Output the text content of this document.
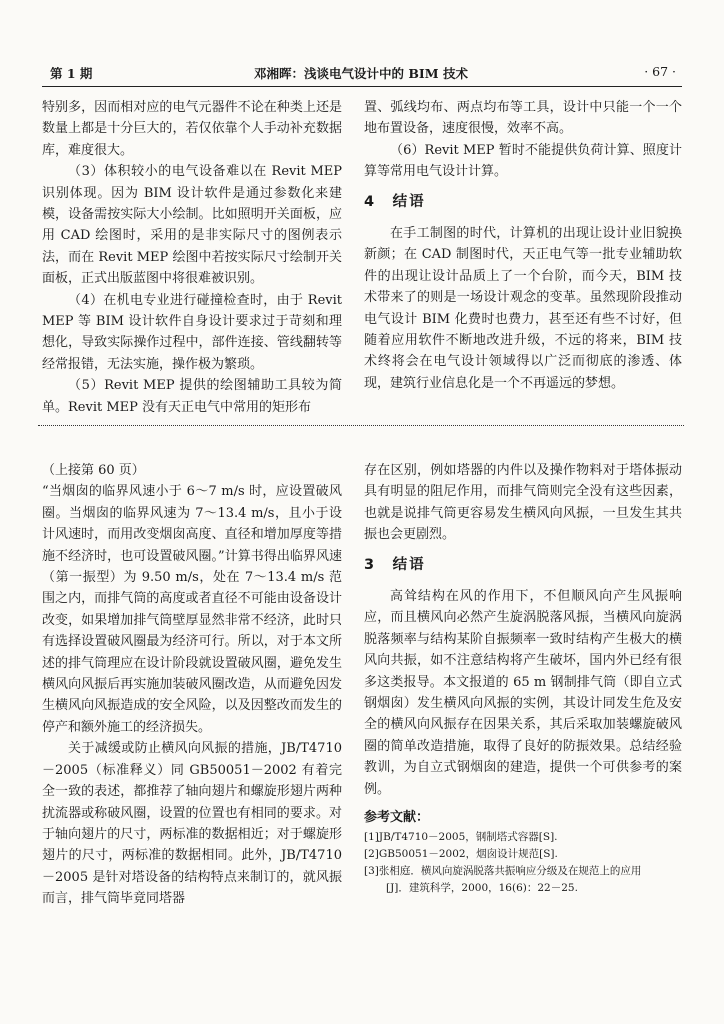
第 1 期	邓湘晖：浅谈电气设计中的 BIM 技术	· 67 ·

特别多，因而相对应的电气元器件不论在种类上还是数量上都是十分巨大的，若仅依靠个人手动补充数据库，难度很大。

（3）体积较小的电气设备难以在 Revit MEP 识别体现。因为 BIM 设计软件是通过参数化来建模，设备需按实际大小绘制。比如照明开关面板，应用 CAD 绘图时，采用的是非实际尺寸的图例表示法，而在 Revit MEP 绘图中若按实际尺寸绘制开关面板，正式出版蓝图中将很难被识别。

（4）在机电专业进行碰撞检查时，由于 Revit MEP 等 BIM 设计软件自身设计要求过于苛刻和理想化，导致实际操作过程中，部件连接、管线翻转等经常报错，无法实施，操作极为繁琐。

（5）Revit MEP 提供的绘图辅助工具较为简单。Revit MEP 没有天正电气中常用的矩形布

置、弧线均布、两点均布等工具，设计中只能一个一个地布置设备，速度很慢，效率不高。

（6）Revit MEP 暂时不能提供负荷计算、照度计算等常用电气设计计算。

4　结语

在手工制图的时代，计算机的出现让设计业旧貌换新颜；在 CAD 制图时代，天正电气等一批专业辅助软件的出现让设计品质上了一个台阶，而今天，BIM 技术带来了的则是一场设计观念的变革。虽然现阶段推动电气设计 BIM 化费时也费力，甚至还有些不讨好，但随着应用软件不断地改进升级，不远的将来，BIM 技术终将会在电气设计领域得以广泛而彻底的渗透、体现，建筑行业信息化是一个不再遥远的梦想。

（上接第 60 页）

“当烟囱的临界风速小于 6～7 m/s 时，应设置破风圈。当烟囱的临界风速为 7～13.4 m/s，且小于设计风速时，而用改变烟囱高度、直径和增加厚度等措施不经济时，也可设置破风圈。”计算书得出临界风速（第一振型）为 9.50 m/s，处在 7～13.4 m/s 范围之内，而排气筒的高度或者直径不可能由设备设计改变，如果增加排气筒壁厚显然非常不经济，此时只有选择设置破风圈最为经济可行。所以，对于本文所述的排气筒理应在设计阶段就设置破风圈，避免发生横风向风振后再实施加装破风圈改造，从而避免因发生横风向风振造成的安全风险，以及因整改而发生的停产和额外施工的经济损失。

关于减缓或防止横风向风振的措施，JB/T4710－2005（标准释义）同 GB50051－2002 有着完全一致的表述，都推荐了轴向翅片和螺旋形翅片两种扰流器或称破风圈，设置的位置也有相同的要求。对于轴向翅片的尺寸，两标准的数据相近；对于螺旋形翅片的尺寸，两标准的数据相同。此外，JB/T4710－2005 是针对塔设备的结构特点来制订的，就风振而言，排气筒毕竟同塔器

存在区别，例如塔器的内件以及操作物料对于塔体振动具有明显的阻尼作用，而排气筒则完全没有这些因素，也就是说排气筒更容易发生横风向风振，一旦发生其共振也会更剧烈。

3　结语

高耸结构在风的作用下，不但顺风向产生风振响应，而且横风向必然产生旋涡脱落风振，当横风向旋涡脱落频率与结构某阶自振频率一致时结构产生极大的横风向共振，如不注意结构将产生破坏，国内外已经有很多这类报导。本文报道的 65 m 钢制排气筒（即自立式钢烟囱）发生横风向风振的实例，其设计同发生危及安全的横风向风振存在因果关系，其后采取加装螺旋破风圈的简单改造措施，取得了良好的防振效果。总结经验教训，为自立式钢烟囱的建造，提供一个可供参考的案例。

参考文献：

[1]JB/T4710－2005，钢制塔式容器[S].

[2]GB50051－2002，烟囱设计规范[S].

[3]张相庭．横风向旋涡脱落共振响应分级及在规范上的应用

[J]．建筑科学，2000，16(6)：22－25.
